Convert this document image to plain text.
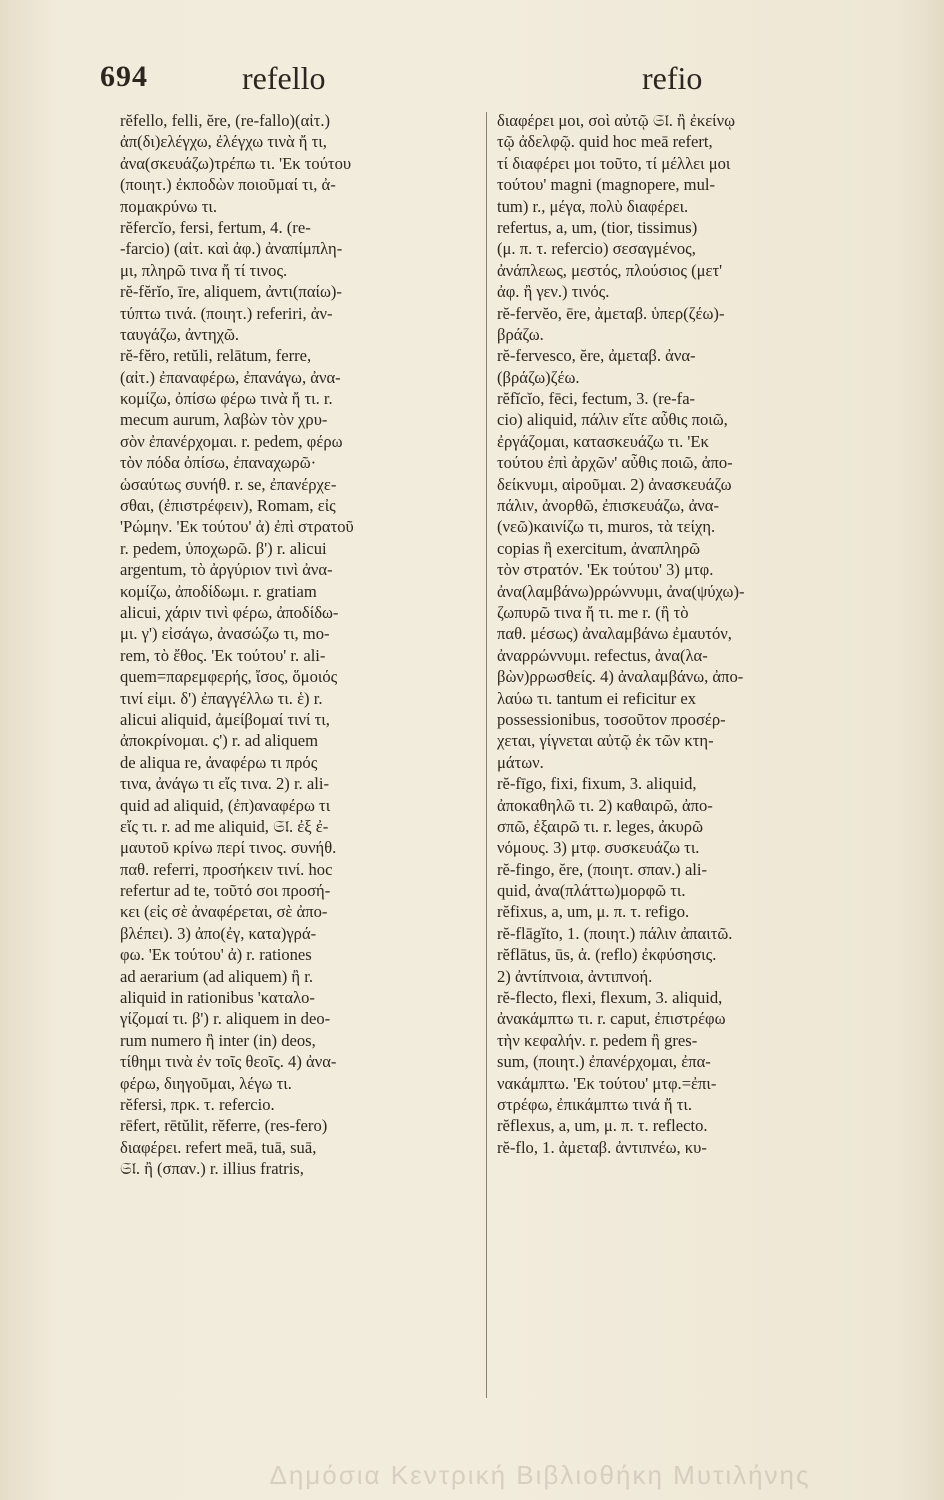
694	refello	refio
rĕfello, felli, ĕre, (re-fallo)(αἰτ.)
ἀπ(δι)ελέγχω, ἐλέγχω τινὰ ἤ τι,
ἀνα(σκευάζω)τρέπω τι. 'Εκ τούτου
(ποιητ.) ἐκποδὼν ποιοῦμαί τι, ἀ-
πομακρύνω τι.
rĕfercĭo, fersi, fertum, 4. (re-
-farcio) (αἰτ. καὶ ἀφ.) ἀναπίμπλη-
μι, πληρῶ τινα ἤ τί τινος.
rĕ-fĕrĭo, īre, aliquem, ἀντι(παίω)-
τύπτω τινά. (ποιητ.) referiri, ἀν-
ταυγάζω, ἀντηχῶ.
rĕ-fĕro, retŭli, relātum, ferre,
(αἰτ.) ἐπαναφέρω, ἐπανάγω, ἀνα-
κομίζω, ὀπίσω φέρω τινὰ ἤ τι. r.
mecum aurum, λαβὼν τὸν χρυ-
σὸν ἐπανέρχομαι. r. pedem, φέρω
τὸν πόδα ὀπίσω, ἐπαναχωρῶ·
ὡσαύτως συνήθ. r. se, ἐπανέρχε-
σθαι, (ἐπιστρέφειν), Romam, εἰς
'Ρώμην. 'Εκ τούτου' ἀ) ἐπὶ στρατοῦ
r. pedem, ὑποχωρῶ. β') r. alicui
argentum, τὸ ἀργύριον τινὶ ἀνα-
κομίζω, ἀποδίδωμι. r. gratiam
alicui, χάριν τινὶ φέρω, ἀποδίδω-
μι. γ') εἰσάγω, ἀνασώζω τι, mo-
rem, τὸ ἔθος. 'Εκ τούτου' r. ali-
quem=παρεμφερής, ἴσος, ὅμοιός
τινί εἰμι. δ') ἐπαγγέλλω τι. ἑ) r.
alicui aliquid, ἀμείβομαί τινί τι,
ἀποκρίνομαι. ς') r. ad aliquem
de aliqua re, ἀναφέρω τι πρός
τινα, ἀνάγω τι εἴς τινα. 2) r. ali-
quid ad aliquid, (ἐπ)αναφέρω τι
εἴς τι. r. ad me aliquid, 𝔖𝔩. ἐξ ἐ-
μαυτοῦ κρίνω περί τινος. συνήθ.
παθ. referri, προσήκειν τινί. hoc
refertur ad te, τοῦτό σοι προσή-
κει (εἰς σὲ ἀναφέρεται, σὲ ἀπο-
βλέπει). 3) ἀπο(ἐγ, κατα)γρά-
φω. 'Εκ τούτου' ἀ) r. rationes
ad aerarium (ad aliquem) ἢ r.
aliquid in rationibus 'καταλο-
γίζομαί τι. β') r. aliquem in deo-
rum numero ἢ inter (in) deos,
τίθημι τινὰ ἐν τοῖς θεοῖς. 4) ἀνα-
φέρω, διηγοῦμαι, λέγω τι.
rĕfersi, πρκ. τ. refercio.
rēfert, rētŭlit, rĕferre, (res-fero)
διαφέρει. refert meā, tuā, suā,
𝔖𝔩. ἢ (σπαν.) r. illius fratris,
διαφέρει μοι, σοὶ αὐτῷ 𝔖𝔩. ἢ ἐκείνῳ
τῷ ἀδελφῷ. quid hoc meā refert,
τί διαφέρει μοι τοῦτο, τί μέλλει μοι
τούτου' magni (magnopere, mul-
tum) r., μέγα, πολὺ διαφέρει.
refertus, a, um, (tior, tissimus)
(μ. π. τ. refercio) σεσαγμένος,
ἀνάπλεως, μεστός, πλούσιος (μετ'
ἀφ. ἢ γεν.) τινός.
rĕ-fervĕo, ēre, ἀμεταβ. ὑπερ(ζέω)-
βράζω.
rĕ-fervesco, ĕre, ἀμεταβ. ἀνα-
(βράζω)ζέω.
rĕfĭcĭo, fēci, fectum, 3. (re-fa-
cio) aliquid, πάλιν εἴτε αὖθις ποιῶ,
ἐργάζομαι, κατασκευάζω τι. 'Εκ
τούτου ἐπὶ ἀρχῶν' αὖθις ποιῶ, ἀπο-
δείκνυμι, αἱροῦμαι. 2) ἀνασκευάζω
πάλιν, ἀνορθῶ, ἐπισκευάζω, ἀνα-
(νεῶ)καινίζω τι, muros, τὰ τείχη.
copias ἢ exercitum, ἀναπληρῶ
τὸν στρατόν. 'Εκ τούτου' 3) μτφ.
ἀνα(λαμβάνω)ρρώννυμι, ἀνα(ψύχω)-
ζωπυρῶ τινα ἤ τι. me r. (ἢ τὸ
παθ. μέσως) ἀναλαμβάνω ἐμαυτόν,
ἀναρρώννυμι. refectus, ἀνα(λα-
βὼν)ρρωσθείς. 4) ἀναλαμβάνω, ἀπο-
λαύω τι. tantum ei reficitur ex
possessionibus, τοσοῦτον προσέρ-
χεται, γίγνεται αὐτῷ ἐκ τῶν κτη-
μάτων.
rĕ-fīgo, fixi, fixum, 3. aliquid,
ἀποκαθηλῶ τι. 2) καθαιρῶ, ἀπο-
σπῶ, ἐξαιρῶ τι. r. leges, ἀκυρῶ
νόμους. 3) μτφ. συσκευάζω τι.
rĕ-fingo, ĕre, (ποιητ. σπαν.) ali-
quid, ἀνα(πλάττω)μορφῶ τι.
rĕfixus, a, um, μ. π. τ. refigo.
rĕ-flāgĭto, 1. (ποιητ.) πάλιν ἀπαιτῶ.
rĕflātus, ūs, ἀ. (reflo) ἐκφύσησις.
2) ἀντίπνοια, ἀντιπνοή.
rĕ-flecto, flexi, flexum, 3. aliquid,
ἀνακάμπτω τι. r. caput, ἐπιστρέφω
τὴν κεφαλήν. r. pedem ἢ gres-
sum, (ποιητ.) ἐπανέρχομαι, ἐπα-
νακάμπτω. 'Εκ τούτου' μτφ.=ἐπι-
στρέφω, ἐπικάμπτω τινά ἤ τι.
rĕflexus, a, um, μ. π. τ. reflecto.
rĕ-flo, 1. ἀμεταβ. ἀντιπνέω, κυ-
Δημόσια Κεντρική Βιβλιοθήκη Μυτιλήνης
